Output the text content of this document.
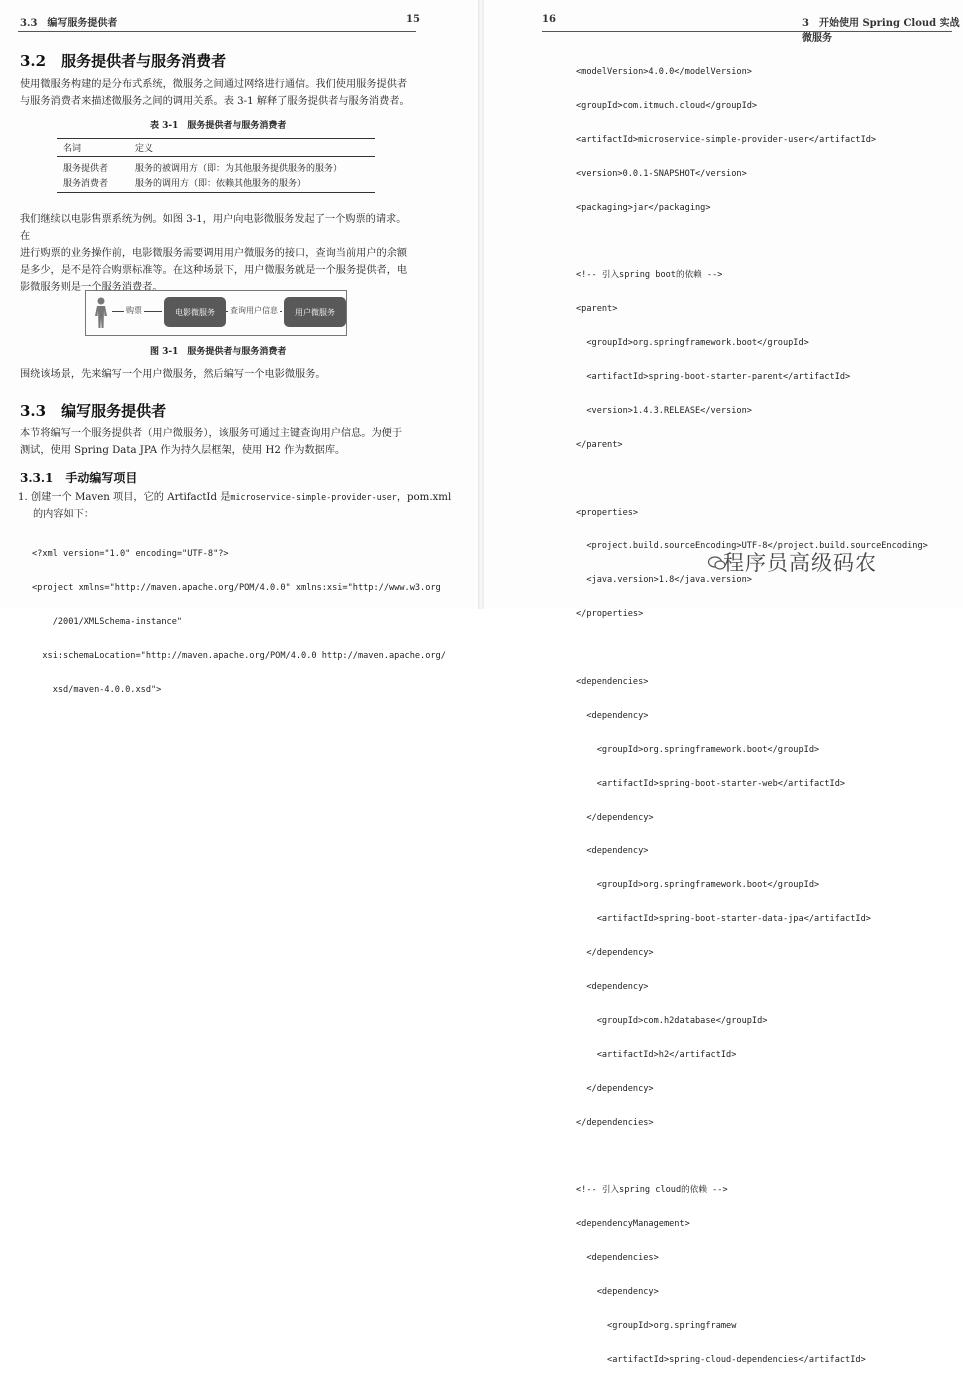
3.3　编写服务提供者	15
3.2　服务提供者与服务消费者
使用微服务构建的是分布式系统，微服务之间通过网络进行通信。我们使用服务提供者
与服务消费者来描述微服务之间的调用关系。表 3-1 解释了服务提供者与服务消费者。
表 3-1　服务提供者与服务消费者
名词	定义
服务提供者	服务的被调用方（即：为其他服务提供服务的服务）
服务消费者	服务的调用方（即：依赖其他服务的服务）
我们继续以电影售票系统为例。如图 3-1，用户向电影微服务发起了一个购票的请求。在
进行购票的业务操作前，电影微服务需要调用用户微服务的接口，查询当前用户的余额
是多少，是不是符合购票标准等。在这种场景下，用户微服务就是一个服务提供者，电
影微服务则是一个服务消费者。
购票	电影微服务	查询用户信息	用户微服务
图 3-1　服务提供者与服务消费者
围绕该场景，先来编写一个用户微服务，然后编写一个电影微服务。
3.3　编写服务提供者
本节将编写一个服务提供者（用户微服务），该服务可通过主键查询用户信息。为便于
测试，使用 Spring Data JPA 作为持久层框架，使用 H2 作为数据库。
3.3.1　手动编写项目
1. 创建一个 Maven 项目，它的 ArtifactId 是microservice-simple-provider-user，pom.xml
的内容如下：

<?xml version="1.0" encoding="UTF-8"?>

<project xmlns="http://maven.apache.org/POM/4.0.0" xmlns:xsi="http://www.w3.org

/2001/XMLSchema-instance"

xsi:schemaLocation="http://maven.apache.org/POM/4.0.0 http://maven.apache.org/

xsd/maven-4.0.0.xsd">

16	3　开始使用 Spring Cloud 实战微服务

<modelVersion>4.0.0</modelVersion>

<groupId>com.itmuch.cloud</groupId>

<artifactId>microservice-simple-provider-user</artifactId>

<version>0.0.1-SNAPSHOT</version>

<packaging>jar</packaging>

<!-- 引入spring boot的依赖 -->

<parent>

<groupId>org.springframework.boot</groupId>

<artifactId>spring-boot-starter-parent</artifactId>

<version>1.4.3.RELEASE</version>

</parent>

<properties>

<project.build.sourceEncoding>UTF-8</project.build.sourceEncoding>

<java.version>1.8</java.version>

</properties>

<dependencies>

<dependency>

<groupId>org.springframework.boot</groupId>

<artifactId>spring-boot-starter-web</artifactId>

</dependency>

<dependency>

<groupId>org.springframework.boot</groupId>

<artifactId>spring-boot-starter-data-jpa</artifactId>

</dependency>

<dependency>

<groupId>com.h2database</groupId>

<artifactId>h2</artifactId>

</dependency>

</dependencies>

<!-- 引入spring cloud的依赖 -->

<dependencyManagement>

<dependencies>

<dependency>

<groupId>org.springframew

<artifactId>spring-cloud-dependencies</artifactId>

程序员高级码农
